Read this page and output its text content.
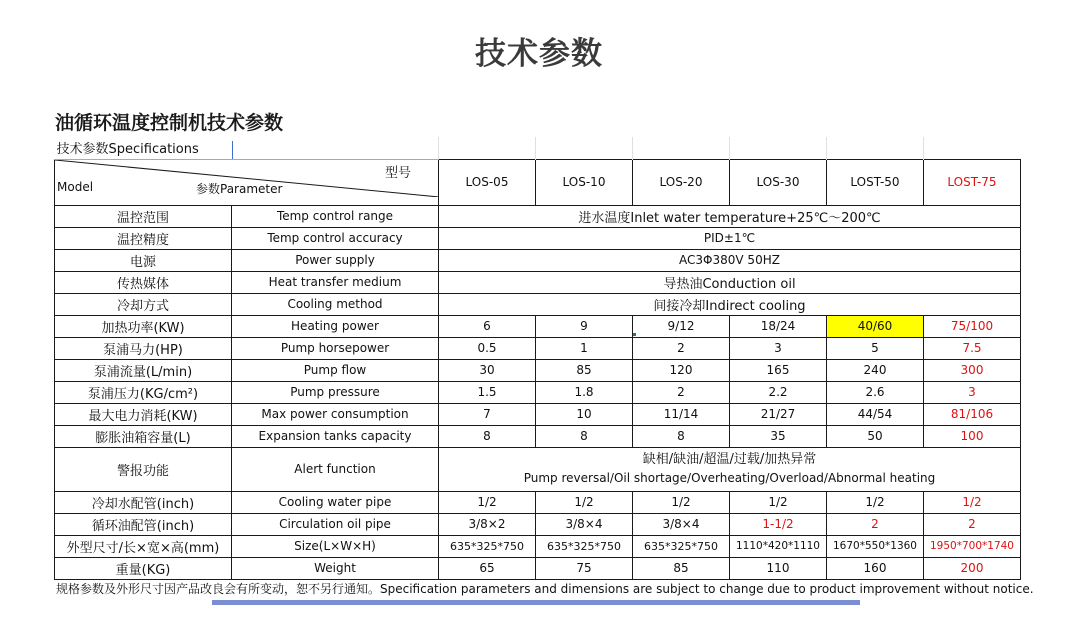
技术参数
油循环温度控制机技术参数
技术参数Specifications							

型号
Model 参数Parameter		LOS-05	LOS-10	LOS-20	LOS-30	LOST-50	LOST-75
温控范围	Temp control range	进水温度Inlet water temperature+25℃～200℃					
温控精度	Temp control accuracy	PID±1℃					
电源	Power supply	AC3Φ380V 50HZ					
传热媒体	Heat transfer medium	导热油Conduction oil					
冷却方式	Cooling method	间接冷却Indirect cooling					
加热功率(KW)	Heating power	6	9	9/12	18/24	40/60	75/100
泵浦马力(HP)	Pump horsepower	0.5	1	2	3	5	7.5
泵浦流量(L/min)	Pump flow	30	85	120	165	240	300
泵浦压力(KG/cm²)	Pump pressure	1.5	1.8	2	2.2	2.6	3
最大电力消耗(KW)	Max power consumption	7	10	11/14	21/27	44/54	81/106
膨胀油箱容量(L)	Expansion tanks capacity	8	8	8	35	50	100
警报功能	Alert function	缺相/缺油/超温/过载/加热异常
Pump reversal/Oil shortage/Overheating/Overload/Abnormal heating					

冷却水配管(inch)	Cooling water pipe	1/2	1/2	1/2	1/2	1/2	1/2
循环油配管(inch)	Circulation oil pipe	3/8×2	3/8×4	3/8×4	1-1/2	2	2
外型尺寸/长×宽×高(mm)	Size(L×W×H)	635*325*750	635*325*750	635*325*750	1110*420*1110	1670*550*1360	1950*700*1740
重量(KG)	Weight	65	75	85	110	160	200
规格参数及外形尺寸因产品改良会有所变动，恕不另行通知。Specification parameters and dimensions are subject to change due to product improvement without notice.
